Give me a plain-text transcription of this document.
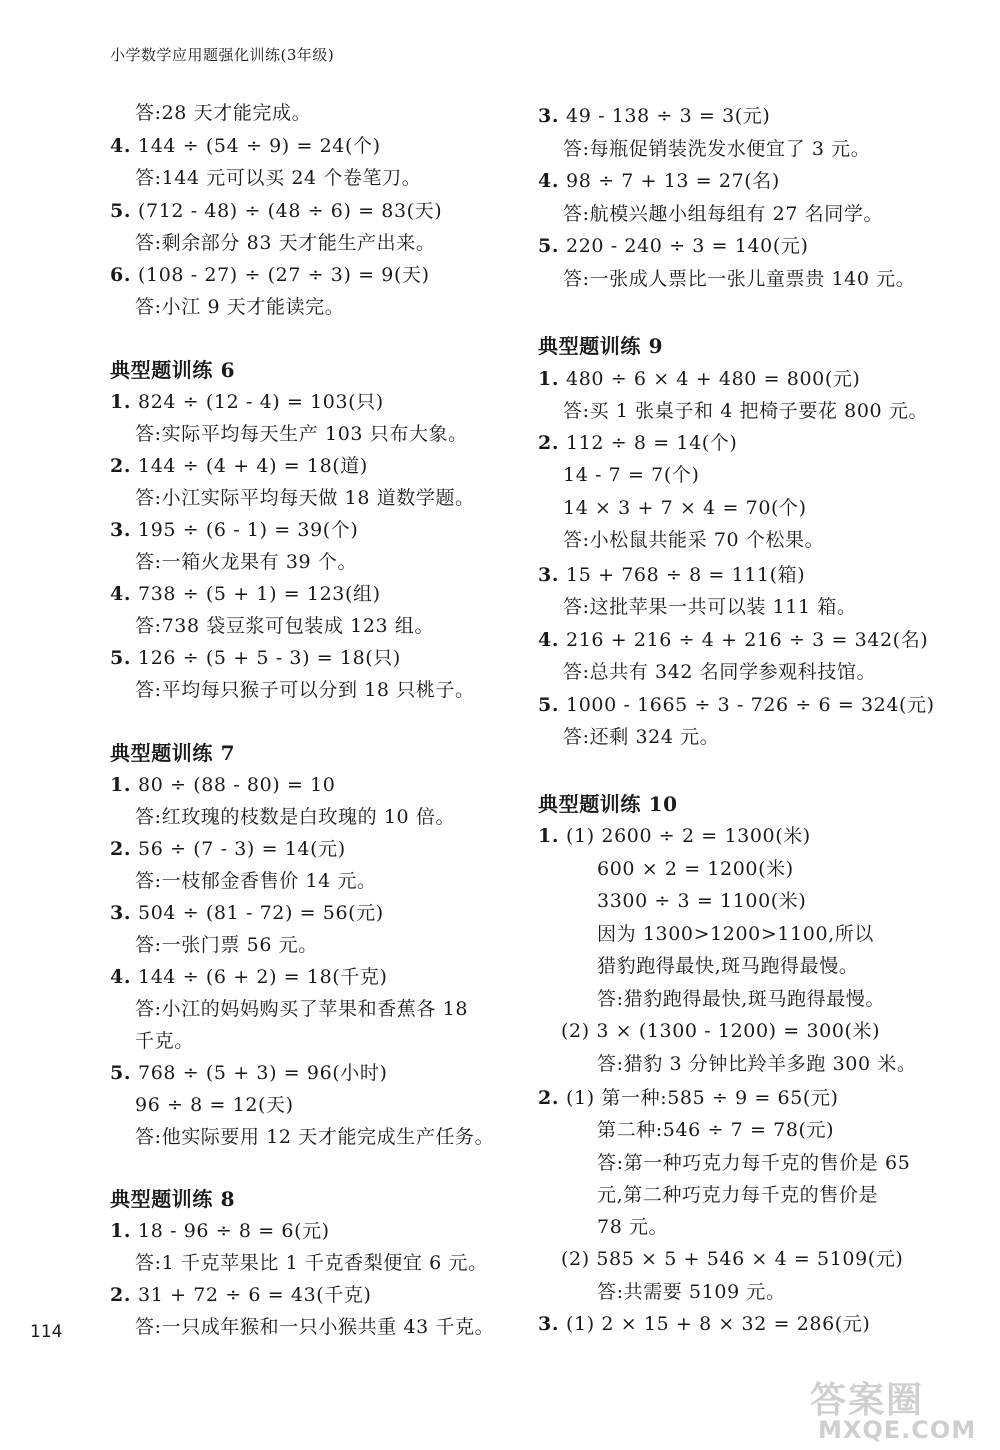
小学数学应用题强化训练(3年级)
答:28 天才能完成。
4. 144 ÷ (54 ÷ 9) = 24(个)
答:144 元可以买 24 个卷笔刀。
5. (712 - 48) ÷ (48 ÷ 6) = 83(天)
答:剩余部分 83 天才能生产出来。
6. (108 - 27) ÷ (27 ÷ 3) = 9(天)
答:小江 9 天才能读完。
典型题训练 6
1. 824 ÷ (12 - 4) = 103(只)
答:实际平均每天生产 103 只布大象。
2. 144 ÷ (4 + 4) = 18(道)
答:小江实际平均每天做 18 道数学题。
3. 195 ÷ (6 - 1) = 39(个)
答:一箱火龙果有 39 个。
4. 738 ÷ (5 + 1) = 123(组)
答:738 袋豆浆可包装成 123 组。
5. 126 ÷ (5 + 5 - 3) = 18(只)
答:平均每只猴子可以分到 18 只桃子。
典型题训练 7
1. 80 ÷ (88 - 80) = 10
答:红玫瑰的枝数是白玫瑰的 10 倍。
2. 56 ÷ (7 - 3) = 14(元)
答:一枝郁金香售价 14 元。
3. 504 ÷ (81 - 72) = 56(元)
答:一张门票 56 元。
4. 144 ÷ (6 + 2) = 18(千克)
答:小江的妈妈购买了苹果和香蕉各 18
千克。
5. 768 ÷ (5 + 3) = 96(小时)
96 ÷ 8 = 12(天)
答:他实际要用 12 天才能完成生产任务。
典型题训练 8
1. 18 - 96 ÷ 8 = 6(元)
答:1 千克苹果比 1 千克香梨便宜 6 元。
2. 31 + 72 ÷ 6 = 43(千克)
答:一只成年猴和一只小猴共重 43 千克。
3. 49 - 138 ÷ 3 = 3(元)
答:每瓶促销装洗发水便宜了 3 元。
4. 98 ÷ 7 + 13 = 27(名)
答:航模兴趣小组每组有 27 名同学。
5. 220 - 240 ÷ 3 = 140(元)
答:一张成人票比一张儿童票贵 140 元。
典型题训练 9
1. 480 ÷ 6 × 4 + 480 = 800(元)
答:买 1 张桌子和 4 把椅子要花 800 元。
2. 112 ÷ 8 = 14(个)
14 - 7 = 7(个)
14 × 3 + 7 × 4 = 70(个)
答:小松鼠共能采 70 个松果。
3. 15 + 768 ÷ 8 = 111(箱)
答:这批苹果一共可以装 111 箱。
4. 216 + 216 ÷ 4 + 216 ÷ 3 = 342(名)
答:总共有 342 名同学参观科技馆。
5. 1000 - 1665 ÷ 3 - 726 ÷ 6 = 324(元)
答:还剩 324 元。
典型题训练 10
1. (1) 2600 ÷ 2 = 1300(米)
600 × 2 = 1200(米)
3300 ÷ 3 = 1100(米)
因为 1300>1200>1100,所以
猎豹跑得最快,斑马跑得最慢。
答:猎豹跑得最快,斑马跑得最慢。
(2) 3 × (1300 - 1200) = 300(米)
答:猎豹 3 分钟比羚羊多跑 300 米。
2. (1) 第一种:585 ÷ 9 = 65(元)
第二种:546 ÷ 7 = 78(元)
答:第一种巧克力每千克的售价是 65
元,第二种巧克力每千克的售价是
78 元。
(2) 585 × 5 + 546 × 4 = 5109(元)
答:共需要 5109 元。
3. (1) 2 × 15 + 8 × 32 = 286(元)
114
答案圈
MXQE.COM
